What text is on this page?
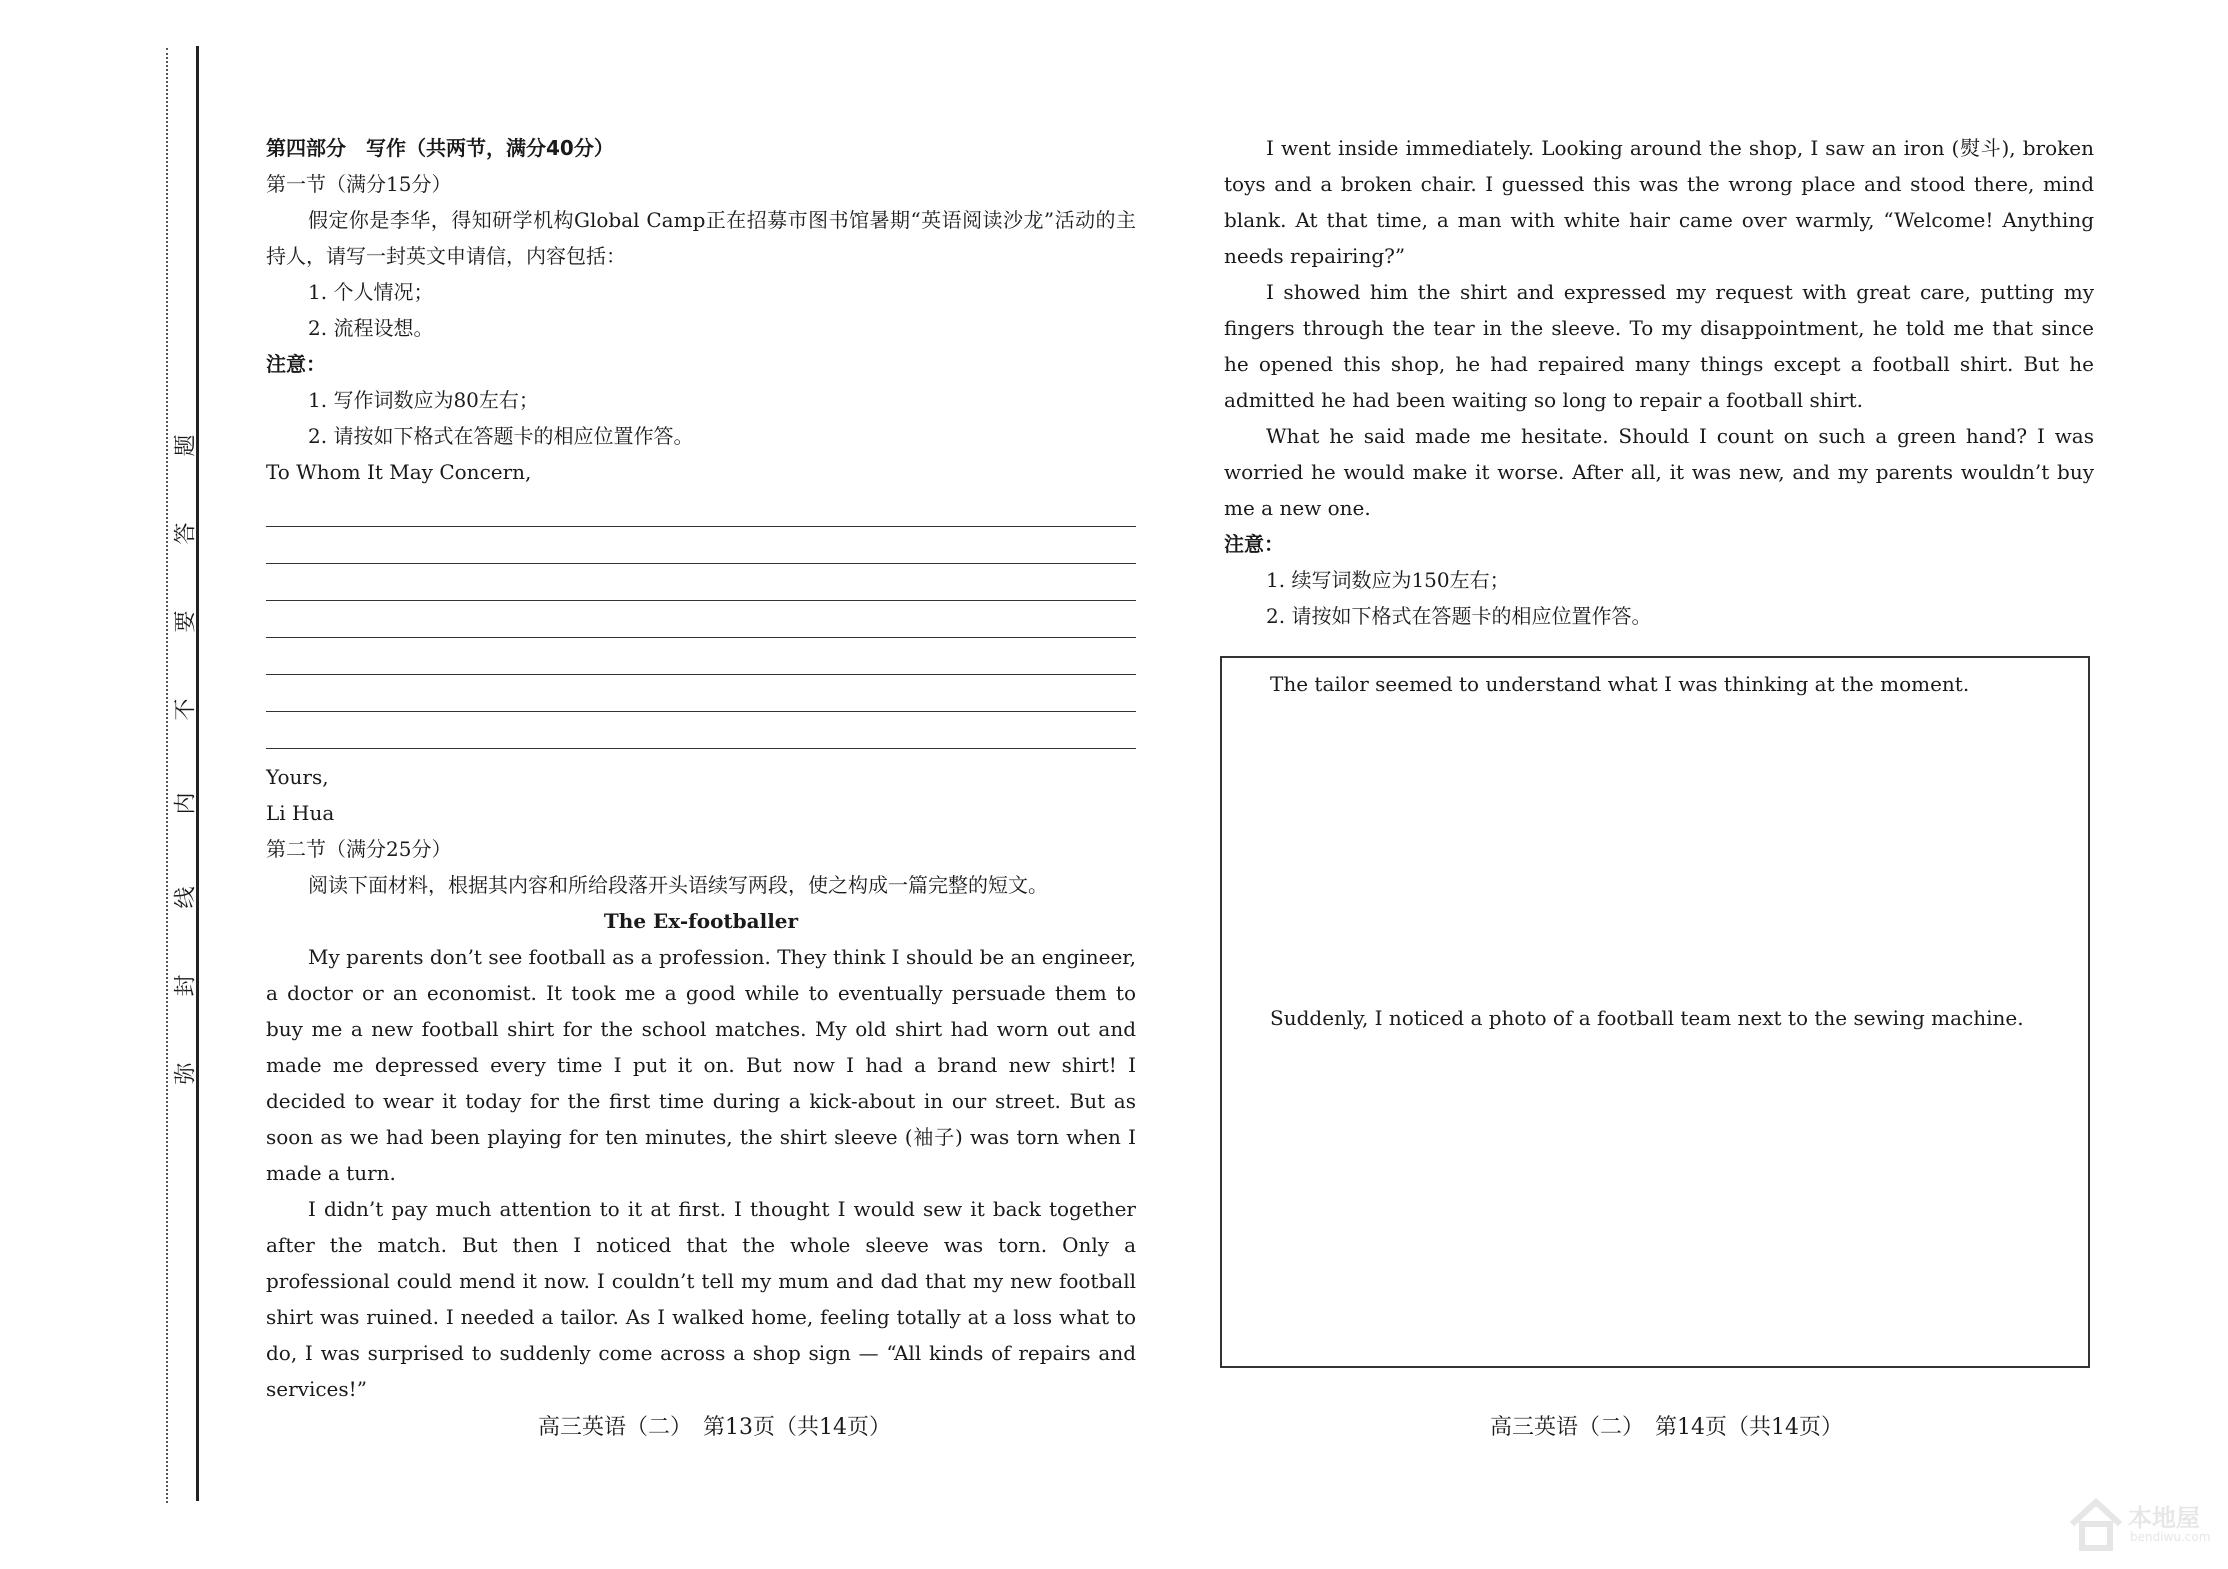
题
答
要
不
内
线
封
弥

第四部分　写作（共两节，满分40分）

第一节（满分15分）

假定你是李华，得知研学机构Global Camp正在招募市图书馆暑期“英语阅读沙龙”活动的主持人，请写一封英文申请信，内容包括：

1. 个人情况；

2. 流程设想。

注意：

1. 写作词数应为80左右；

2. 请按如下格式在答题卡的相应位置作答。

To Whom It May Concern,

Yours,

Li Hua

第二节（满分25分）

阅读下面材料，根据其内容和所给段落开头语续写两段，使之构成一篇完整的短文。

The Ex-footballer

My parents don’t see football as a profession. They think I should be an engineer, a doctor or an economist. It took me a good while to eventually persuade them to buy me a new football shirt for the school matches. My old shirt had worn out and made me depressed every time I put it on. But now I had a brand new shirt! I decided to wear it today for the first time during a kick-about in our street. But as soon as we had been playing for ten minutes, the shirt sleeve (袖子) was torn when I made a turn.

I didn’t pay much attention to it at first. I thought I would sew it back together after the match. But then I noticed that the whole sleeve was torn. Only a professional could mend it now. I couldn’t tell my mum and dad that my new football shirt was ruined. I needed a tailor. As I walked home, feeling totally at a loss what to do, I was surprised to suddenly come across a shop sign — “All kinds of repairs and services!”

高三英语（二）　第13页（共14页）

I went inside immediately. Looking around the shop, I saw an iron (熨斗), broken toys and a broken chair. I guessed this was the wrong place and stood there, mind blank. At that time, a man with white hair came over warmly, “Welcome! Anything needs repairing?”

I showed him the shirt and expressed my request with great care, putting my fingers through the tear in the sleeve. To my disappointment, he told me that since he opened this shop, he had repaired many things except a football shirt. But he admitted he had been waiting so long to repair a football shirt.

What he said made me hesitate. Should I count on such a green hand? I was worried he would make it worse. After all, it was new, and my parents wouldn’t buy me a new one.

注意：

1. 续写词数应为150左右；

2. 请按如下格式在答题卡的相应位置作答。

The tailor seemed to understand what I was thinking at the moment.
Suddenly, I noticed a photo of a football team next to the sewing machine.
高三英语（二）　第14页（共14页）
本地屋
bendiwu.com
